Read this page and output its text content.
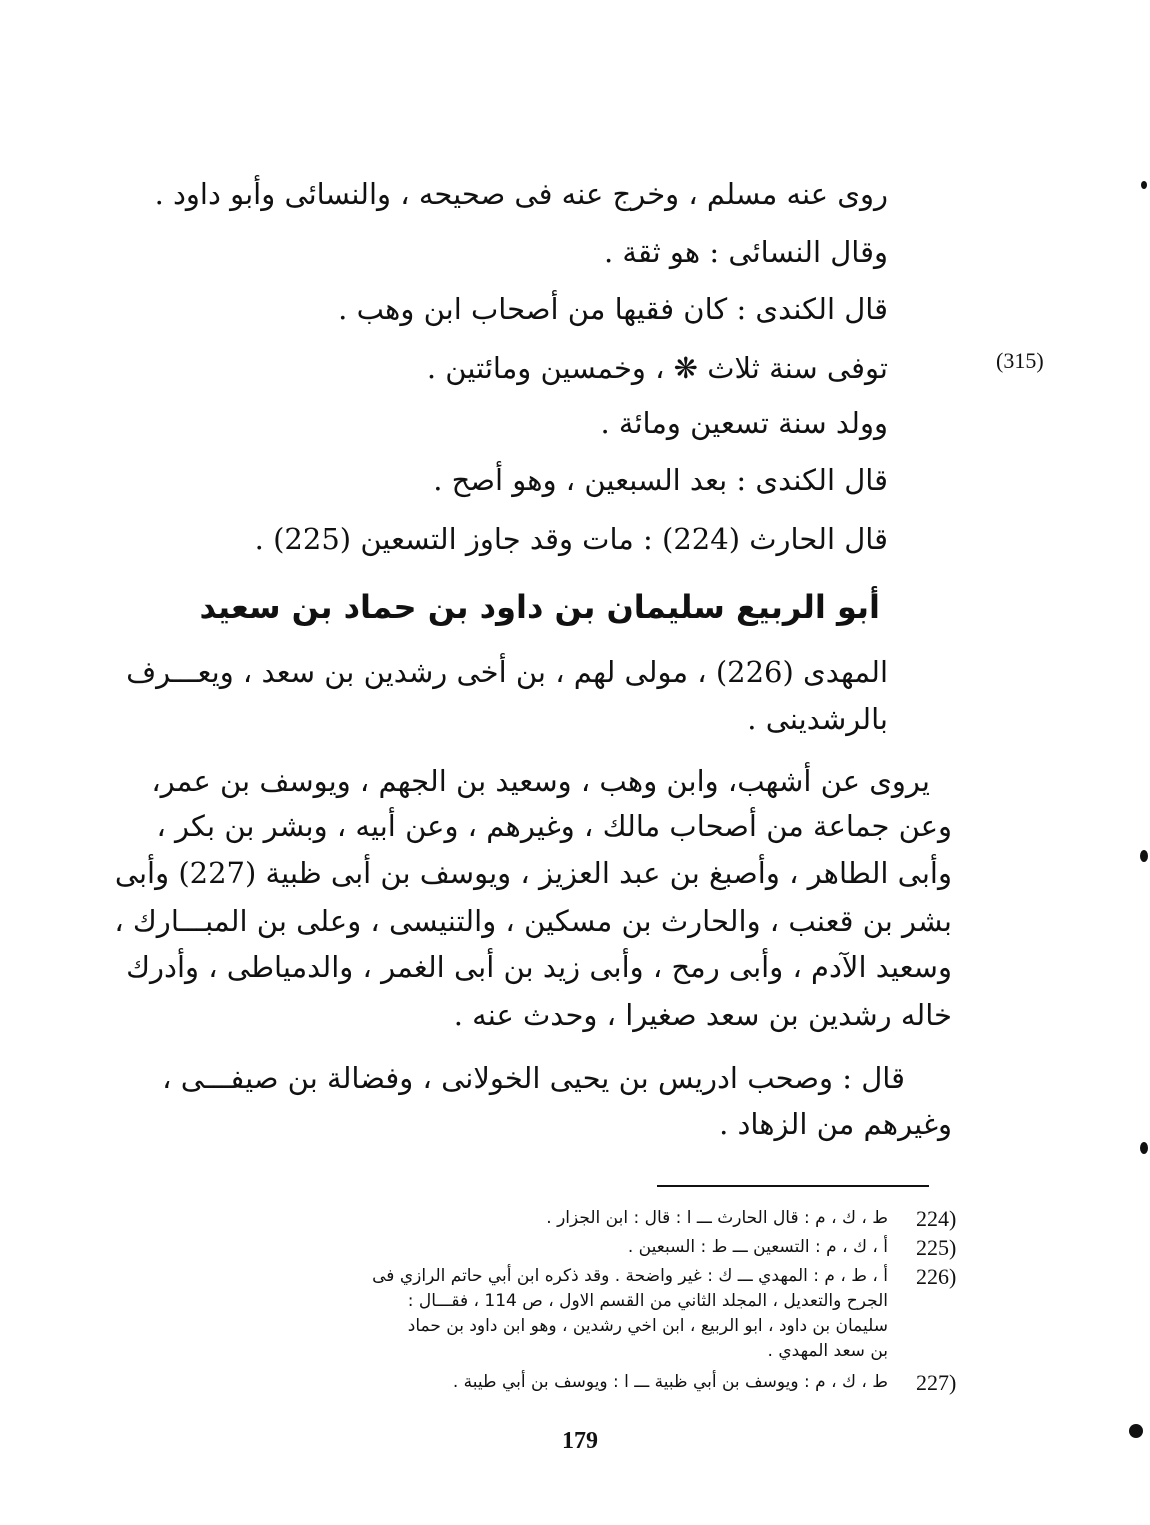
(315)

روى عنه مسلم ، وخرج عنه فى صحيحه ، والنسائى وأبو داود .

وقال النسائى : هو ثقة .

قال الكندى : كان فقيها من أصحاب ابن وهب .

توفى سنة ثلاث ❋ ، وخمسين ومائتين .

وولد سنة تسعين ومائة .

قال الكندى : بعد السبعين ، وهو أصح .

قال الحارث (224) : مات وقد جاوز التسعين (225) .

أبو الربيع سليمان بن داود بن حماد بن سعيد

المهدى (226) ، مولى لهم ، بن أخى رشدين بن سعد ، ويعـــرف

بالرشدينى .

يروى عن أشهب، وابن وهب ، وسعيد بن الجهم ، ويوسف بن عمر،

وعن جماعة من أصحاب مالك ، وغيرهم ، وعن أبيه ، وبشر بن بكر ،

وأبى الطاهر ، وأصبغ بن عبد العزيز ، ويوسف بن أبى ظبية (227) وأبى

بشر بن قعنب ، والحارث بن مسكين ، والتنيسى ، وعلى بن المبـــارك ،

وسعيد الآدم ، وأبى رمح ، وأبى زيد بن أبى الغمر ، والدمياطى ، وأدرك

خاله رشدين بن سعد صغيرا ، وحدث عنه .

قال : وصحب ادريس بن يحيى الخولانى ، وفضالة بن صيفـــى ،

وغيرهم من الزهاد .

224)

ط ، ك ، م : قال الحارث ـــ ا : قال : ابن الجزار .

225)

أ ، ك ، م : التسعين ـــ ط : السبعين .

226)

أ ، ط ، م : المهدي ـــ ك : غير واضحة . وقد ذكره ابن أبي حاتم الرازي فى

الجرح والتعديل ، المجلد الثاني من القسم الاول ، ص 114 ، فقـــال :

سليمان بن داود ، ابو الربيع ، ابن اخي رشدين ، وهو ابن داود بن حماد

بن سعد المهدي .

227)

ط ، ك ، م : ويوسف بن أبي ظبية ـــ ا : ويوسف بن أبي طيبة .

179
